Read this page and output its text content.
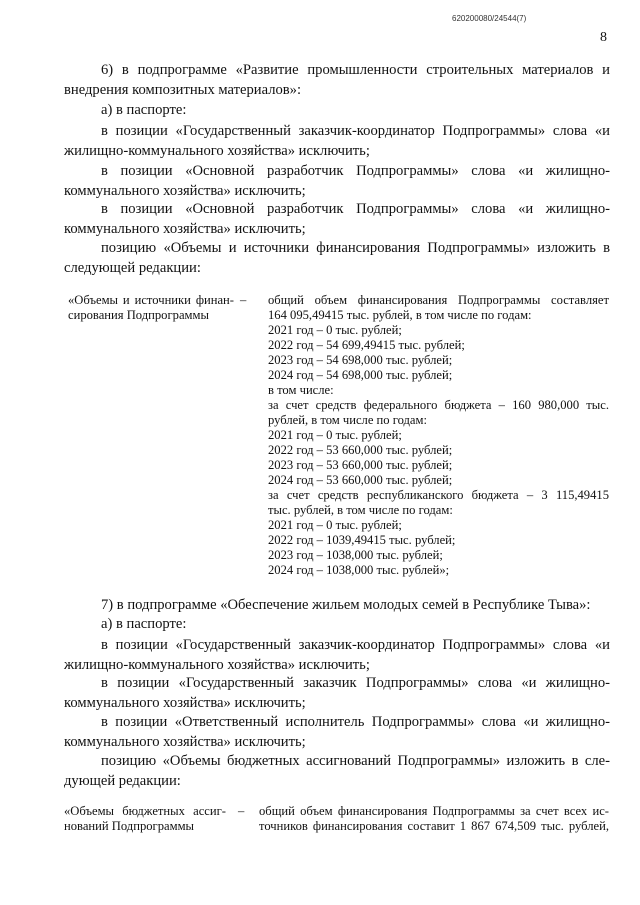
620200080/24544(7)
8
6) в подпрограмме «Развитие промышленности строительных материалов и
внедрения композитных материалов»:
а) в паспорте:
в позиции «Государственный заказчик-координатор Подпрограммы» слова «и
жилищно-коммунального хозяйства» исключить;
в позиции «Основной разработчик Подпрограммы» слова «и жилищно-
коммунального хозяйства» исключить;
в позиции «Основной разработчик Подпрограммы» слова «и жилищно-
коммунального хозяйства» исключить;
позицию «Объемы и источники финансирования Подпрограммы» изложить в
следующей редакции:
«Объемы и источники финан-
сирования Подпрограммы
– общий объем финансирования Подпрограммы составляет
164 095,49415 тыс. рублей, в том числе по годам:
2021 год – 0 тыс. рублей;
2022 год – 54 699,49415 тыс. рублей;
2023 год – 54 698,000 тыс. рублей;
2024 год – 54 698,000 тыс. рублей;
в том числе:
за счет средств федерального бюджета – 160 980,000 тыс.
рублей, в том числе по годам:
2021 год – 0 тыс. рублей;
2022 год – 53 660,000 тыс. рублей;
2023 год – 53 660,000 тыс. рублей;
2024 год – 53 660,000 тыс. рублей;
за счет средств республиканского бюджета – 3 115,49415
тыс. рублей, в том числе по годам:
2021 год – 0 тыс. рублей;
2022 год – 1039,49415 тыс. рублей;
2023 год – 1038,000 тыс. рублей;
2024 год – 1038,000 тыс. рублей»;
7) в подпрограмме «Обеспечение жильем молодых семей в Республике Тыва»:
а) в паспорте:
в позиции «Государственный заказчик-координатор Подпрограммы» слова «и
жилищно-коммунального хозяйства» исключить;
в позиции «Государственный заказчик Подпрограммы» слова «и жилищно-
коммунального хозяйства» исключить;
в позиции «Ответственный исполнитель Подпрограммы» слова «и жилищно-
коммунального хозяйства» исключить;
позицию «Объемы бюджетных ассигнований Подпрограммы» изложить в сле-
дующей редакции:
«Объемы бюджетных ассиг-
нований Подпрограммы
– общий объем финансирования Подпрограммы за счет всех ис-
точников финансирования составит 1 867 674,509 тыс. рублей,
